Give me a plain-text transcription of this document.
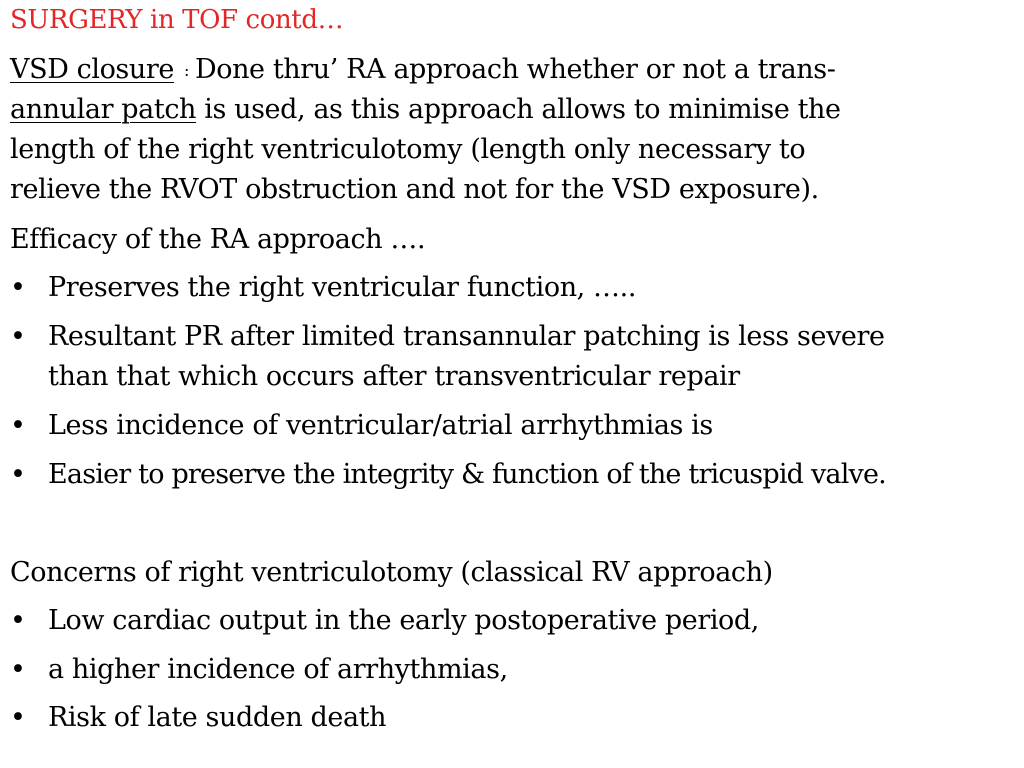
SURGERY in TOF contd…
VSD closure : Done thru’ RA approach whether or not a trans-
annular patch is used, as this approach allows to minimise the
length of the right ventriculotomy (length only necessary to
relieve the RVOT obstruction and not for the VSD exposure).
Efficacy of the RA approach ….
• Preserves the right ventricular function, …..
• Resultant PR after limited transannular patching is less severe
than that which occurs after transventricular repair
• Less incidence of ventricular/atrial arrhythmias is
• Easier to preserve the integrity & function of the tricuspid valve.
Concerns of right ventriculotomy (classical RV approach)
• Low cardiac output in the early postoperative period,
• a higher incidence of arrhythmias,
• Risk of late sudden death
